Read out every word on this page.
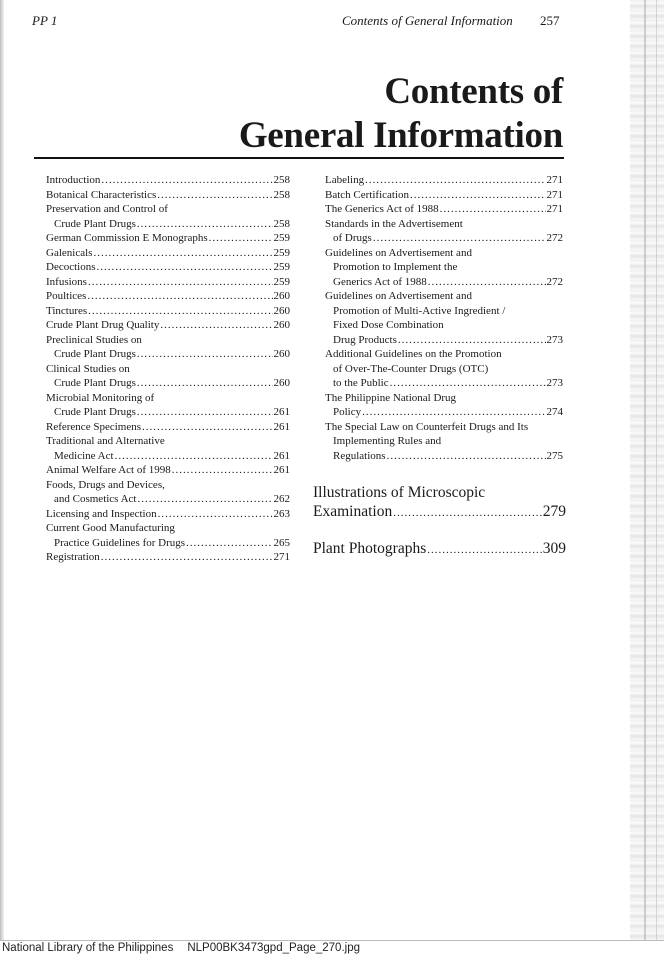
PP 1	Contents of General Information 257
Contents of
General Information
Introduction .....	258
Botanical Characteristics .....	258
Preservation and Control of
Crude Plant Drugs .....	258
German Commission E Monographs .....	259
Galenicals .....	259
Decoctions .....	259
Infusions .....	259
Poultices .....	260
Tinctures .....	260
Crude Plant Drug Quality .....	260
Preclinical Studies on
Crude Plant Drugs .....	260
Clinical Studies on
Crude Plant Drugs .....	260
Microbial Monitoring of
Crude Plant Drugs .....	261
Reference Specimens .....	261
Traditional and Alternative
Medicine Act .....	261
Animal Welfare Act of 1998 .....	261
Foods, Drugs and Devices,
and Cosmetics Act .....	262
Licensing and Inspection .....	263
Current Good Manufacturing
Practice Guidelines for Drugs .....	265
Registration .....	271
Labeling .....	271
Batch Certification .....	271
The Generics Act of 1988 .....	271
Standards in the Advertisement
of Drugs .....	272
Guidelines on Advertisement and
Promotion to Implement the
Generics Act of 1988 .....	272
Guidelines on Advertisement and
Promotion of Multi-Active Ingredient /
Fixed Dose Combination
Drug Products .....	273
Additional Guidelines on the Promotion
of Over-The-Counter Drugs (OTC)
to the Public .....	273
The Philippine National Drug
Policy .....	274
The Special Law on Counterfeit Drugs and Its
Implementing Rules and
Regulations .....	275
Illustrations of Microscopic
Examination .....	279
Plant Photographs .....	309
National Library of the Philippines NLP00BK3473gpd_Page_270.jpg
